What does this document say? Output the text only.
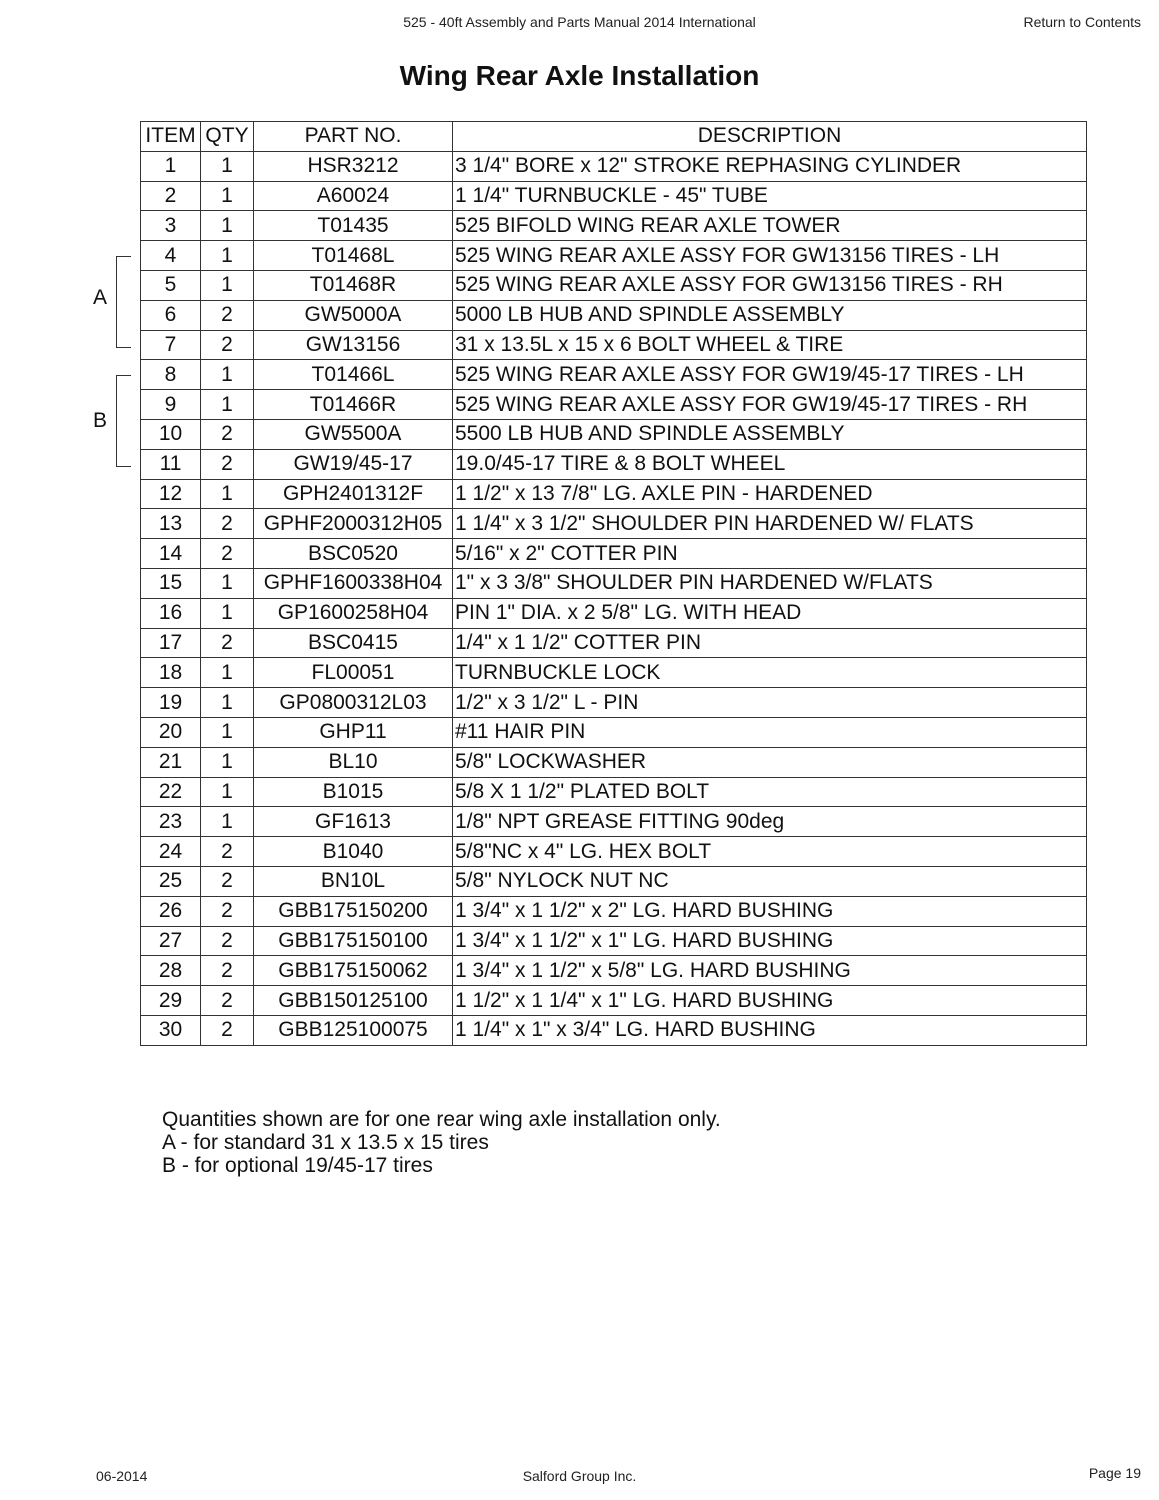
525 - 40ft Assembly and Parts Manual 2014 International	Return to Contents
Wing Rear Axle Installation
ITEM	QTY	PART NO.	DESCRIPTION
1	1	HSR3212	3 1/4" BORE x 12" STROKE REPHASING CYLINDER
2	1	A60024	1 1/4" TURNBUCKLE - 45" TUBE
3	1	T01435	525 BIFOLD WING REAR AXLE TOWER
4	1	T01468L	525 WING REAR AXLE ASSY FOR GW13156 TIRES - LH
5	1	T01468R	525 WING REAR AXLE ASSY FOR GW13156 TIRES - RH
6	2	GW5000A	5000 LB HUB AND SPINDLE ASSEMBLY
7	2	GW13156	31 x 13.5L x 15 x 6 BOLT WHEEL & TIRE
8	1	T01466L	525 WING REAR AXLE ASSY FOR GW19/45-17 TIRES - LH
9	1	T01466R	525 WING REAR AXLE ASSY FOR GW19/45-17 TIRES - RH
10	2	GW5500A	5500 LB HUB AND SPINDLE ASSEMBLY
11	2	GW19/45-17	19.0/45-17 TIRE & 8 BOLT WHEEL
12	1	GPH2401312F	1 1/2" x 13 7/8" LG. AXLE PIN - HARDENED
13	2	GPHF2000312H05	1 1/4" x 3 1/2" SHOULDER PIN HARDENED W/ FLATS
14	2	BSC0520	5/16" x 2" COTTER PIN
15	1	GPHF1600338H04	1" x 3 3/8" SHOULDER PIN HARDENED W/FLATS
16	1	GP1600258H04	PIN 1" DIA. x 2 5/8" LG. WITH HEAD
17	2	BSC0415	1/4" x 1 1/2" COTTER PIN
18	1	FL00051	TURNBUCKLE LOCK
19	1	GP0800312L03	1/2" x 3 1/2" L - PIN
20	1	GHP11	#11 HAIR PIN
21	1	BL10	5/8" LOCKWASHER
22	1	B1015	5/8 X 1 1/2" PLATED BOLT
23	1	GF1613	1/8" NPT GREASE FITTING 90deg
24	2	B1040	5/8"NC x 4" LG. HEX BOLT
25	2	BN10L	5/8" NYLOCK NUT NC
26	2	GBB175150200	1 3/4" x 1 1/2" x 2" LG. HARD BUSHING
27	2	GBB175150100	1 3/4" x 1 1/2" x 1" LG. HARD BUSHING
28	2	GBB175150062	1 3/4" x 1 1/2" x 5/8" LG. HARD BUSHING
29	2	GBB150125100	1 1/2" x 1 1/4" x 1" LG. HARD BUSHING
30	2	GBB125100075	1 1/4" x 1" x 3/4" LG. HARD BUSHING
A
B
Quantities shown are for one rear wing axle installation only.
A - for standard 31 x 13.5 x 15 tires
B - for optional 19/45-17 tires
06-2014	Salford Group Inc.	Page 19
